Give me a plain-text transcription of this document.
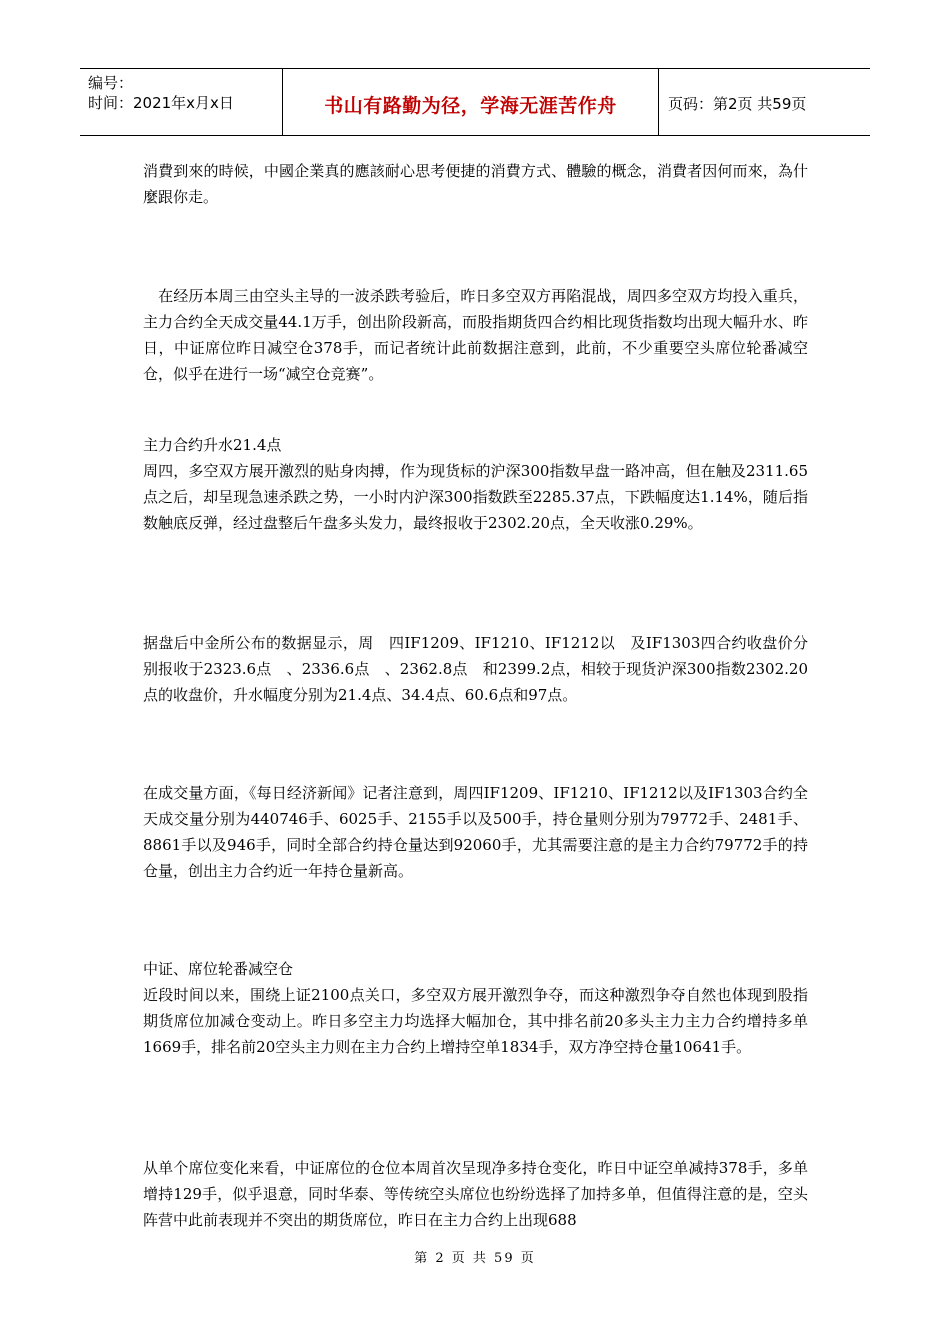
编号：
时间：2021年x月x日	书山有路勤为径，学海无涯苦作舟	页码：第2页 共59页

消費到來的時候，中國企業真的應該耐心思考便捷的消費方式、體驗的概念，消費者因何而來，為什麼跟你走。

　在经历本周三由空头主导的一波杀跌考验后，昨日多空双方再陷混战，周四多空双方均投入重兵，主力合约全天成交量44.1万手，创出阶段新高，而股指期货四合约相比现货指数均出现大幅升水、昨日，中证席位昨日减空仓378手，而记者统计此前数据注意到，此前，不少重要空头席位轮番减空仓，似乎在进行一场“减空仓竞赛”。

主力合约升水21.4点

周四，多空双方展开激烈的贴身肉搏，作为现货标的沪深300指数早盘一路冲高，但在触及2311.65点之后，却呈现急速杀跌之势，一小时内沪深300指数跌至2285.37点，下跌幅度达1.14%，随后指数触底反弹，经过盘整后午盘多头发力，最终报收于2302.20点，全天收涨0.29%。

据盘后中金所公布的数据显示，周　四IF1209、IF1210、IF1212以　及IF1303四合约收盘价分别报收于2323.6点　、2336.6点　、2362.8点　和2399.2点，相较于现货沪深300指数2302.20点的收盘价，升水幅度分别为21.4点、34.4点、60.6点和97点。

在成交量方面，《每日经济新闻》记者注意到，周四IF1209、IF1210、IF1212以及IF1303合约全天成交量分别为440746手、6025手、2155手以及500手，持仓量则分别为79772手、2481手、8861手以及946手，同时全部合约持仓量达到92060手，尤其需要注意的是主力合约79772手的持仓量，创出主力合约近一年持仓量新高。

中证、席位轮番减空仓

近段时间以来，围绕上证2100点关口，多空双方展开激烈争夺，而这种激烈争夺自然也体现到股指期货席位加减仓变动上。昨日多空主力均选择大幅加仓，其中排名前20多头主力主力合约增持多单1669手，排名前20空头主力则在主力合约上增持空单1834手，双方净空持仓量10641手。

从单个席位变化来看，中证席位的仓位本周首次呈现净多持仓变化，昨日中证空单减持378手，多单增持129手，似乎退意，同时华泰、等传统空头席位也纷纷选择了加持多单，但值得注意的是，空头阵营中此前表现并不突出的期货席位，昨日在主力合约上出现688

第 2 页 共 59 页
